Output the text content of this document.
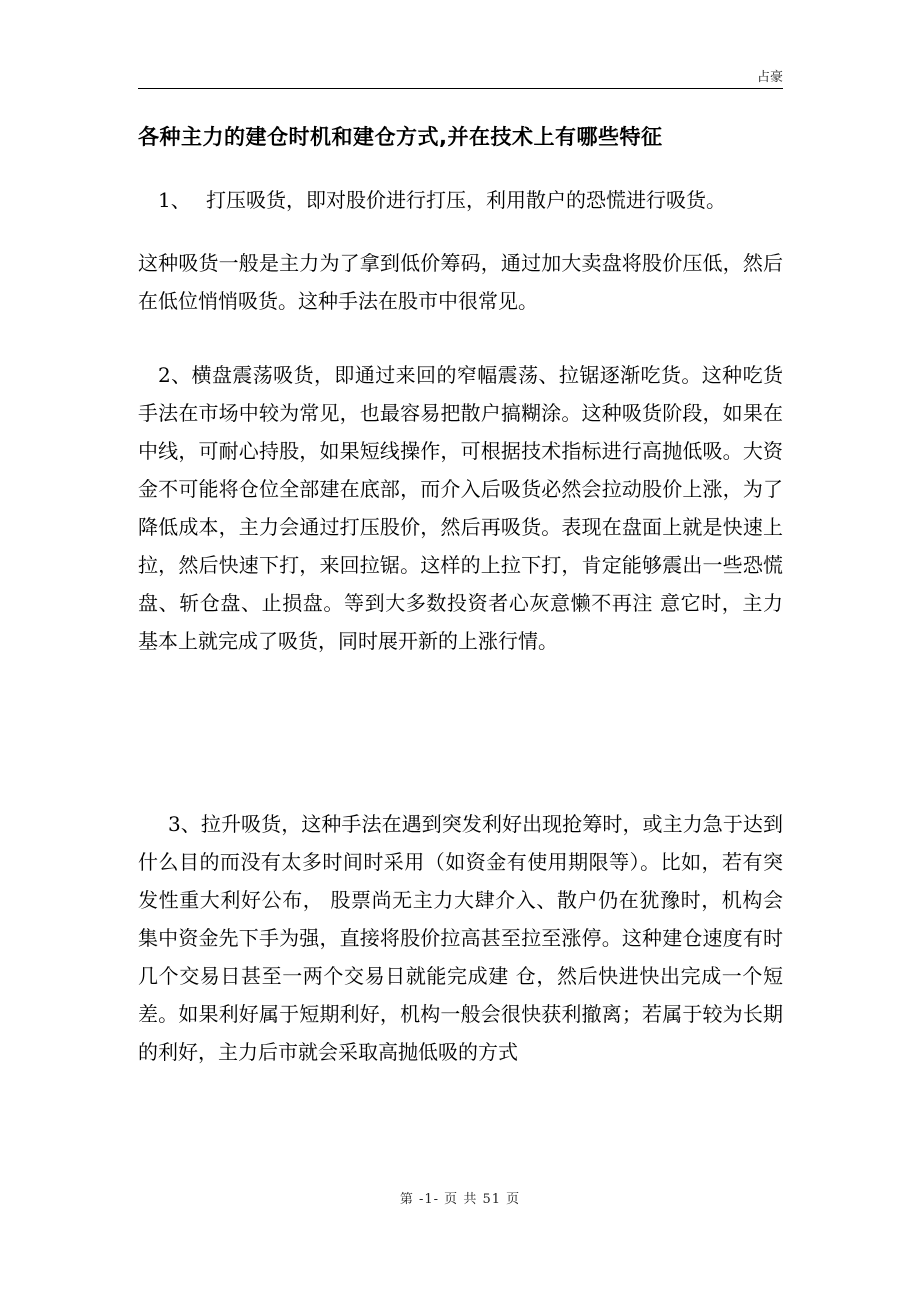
占豪
各种主力的建仓时机和建仓方式,并在技术上有哪些特征

1、 打压吸货，即对股价进行打压，利用散户的恐慌进行吸货。

这种吸货一般是主力为了拿到低价筹码，通过加大卖盘将股价压低，然后在低位悄悄吸货。这种手法在股市中很常见。

2、横盘震荡吸货，即通过来回的窄幅震荡、拉锯逐渐吃货。这种吃货手法在市场中较为常见，也最容易把散户搞糊涂。这种吸货阶段，如果在中线，可耐心持股，如果短线操作，可根据技术指标进行高抛低吸。大资金不可能将仓位全部建在底部，而介入后吸货必然会拉动股价上涨，为了降低成本，主力会通过打压股价，然后再吸货。表现在盘面上就是快速上拉，然后快速下打，来回拉锯。这样的上拉下打，肯定能够震出一些恐慌盘、斩仓盘、止损盘。等到大多数投资者心灰意懒不再注 意它时，主力基本上就完成了吸货，同时展开新的上涨行情。

3、拉升吸货，这种手法在遇到突发利好出现抢筹时，或主力急于达到什么目的而没有太多时间时采用（如资金有使用期限等）。比如，若有突发性重大利好公布， 股票尚无主力大肆介入、散户仍在犹豫时，机构会集中资金先下手为强，直接将股价拉高甚至拉至涨停。这种建仓速度有时几个交易日甚至一两个交易日就能完成建 仓，然后快进快出完成一个短差。如果利好属于短期利好，机构一般会很快获利撤离；若属于较为长期的利好，主力后市就会采取高抛低吸的方式

第 -1- 页 共 51 页
